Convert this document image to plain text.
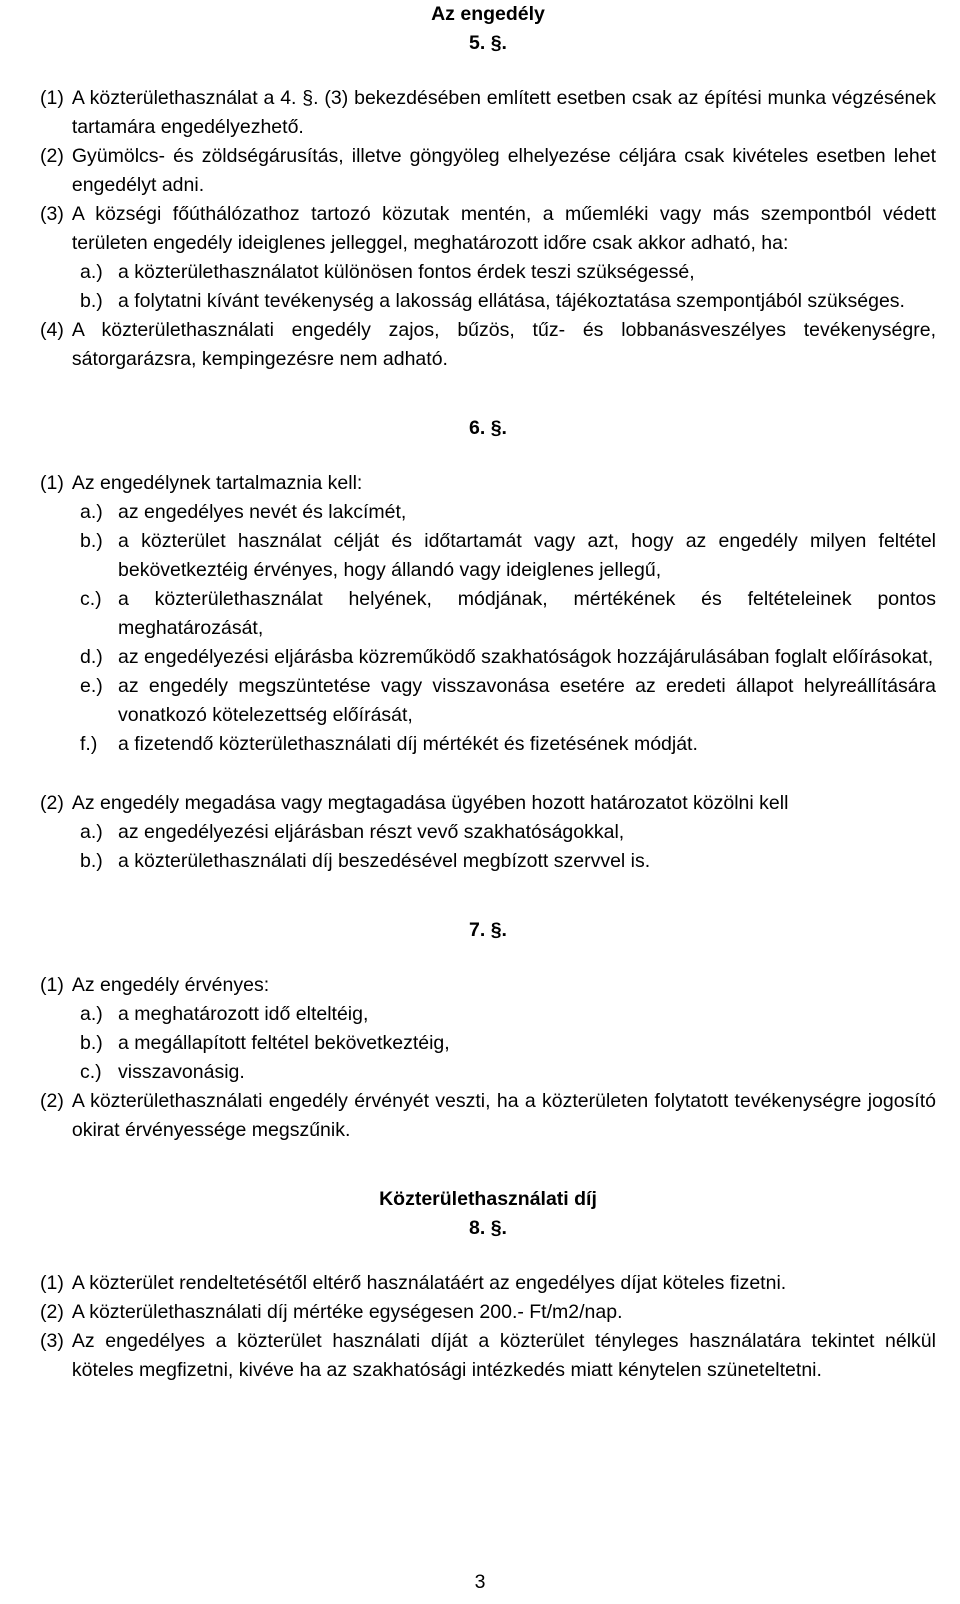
Az engedély
5. §.
(1) A közterülethasználat a 4. §. (3) bekezdésében említett esetben csak az építési munka végzésének tartamára engedélyezhető.
(2) Gyümölcs- és zöldségárusítás, illetve göngyöleg elhelyezése céljára csak kivételes esetben lehet engedélyt adni.
(3) A községi főúthálózathoz tartozó közutak mentén, a műemléki vagy más szempontból védett területen engedély ideiglenes jelleggel, meghatározott időre csak akkor adható, ha:
a.) a közterülethasználatot különösen fontos érdek teszi szükségessé,
b.) a folytatni kívánt tevékenység a lakosság ellátása, tájékoztatása szempontjából szükséges.
(4) A közterülethasználati engedély zajos, bűzös, tűz- és lobbanásveszélyes tevékenységre, sátorgarázsra, kempingezésre nem adható.
6. §.
(1) Az engedélynek tartalmaznia kell:
a.) az engedélyes nevét és lakcímét,
b.) a közterület használat célját és időtartamát vagy azt, hogy az engedély milyen feltétel bekövetkeztéig érvényes, hogy állandó vagy ideiglenes jellegű,
c.) a közterülethasználat helyének, módjának, mértékének és feltételeinek pontos meghatározását,
d.) az engedélyezési eljárásba közreműködő szakhatóságok hozzájárulásában foglalt előírásokat,
e.) az engedély megszüntetése vagy visszavonása esetére az eredeti állapot helyreállítására vonatkozó kötelezettség előírását,
f.)	a fizetendő közterülethasználati díj mértékét és fizetésének módját.
(2) Az engedély megadása vagy megtagadása ügyében hozott határozatot közölni kell
a.) az engedélyezési eljárásban részt vevő szakhatóságokkal,
b.) a közterülethasználati díj beszedésével megbízott szervvel is.
7. §.
(1) Az engedély érvényes:
a.) a meghatározott idő elteltéig,
b.) a megállapított feltétel bekövetkeztéig,
c.) visszavonásig.
(2) A közterülethasználati engedély érvényét veszti, ha a közterületen folytatott tevékenységre jogosító okirat érvényessége megszűnik.
Közterülethasználati díj
8. §.
(1) A közterület rendeltetésétől eltérő használatáért az engedélyes díjat köteles fizetni.
(2) A közterülethasználati díj mértéke egységesen 200.- Ft/m2/nap.
(3) Az engedélyes a közterület használati díját a közterület tényleges használatára tekintet nélkül köteles megfizetni, kivéve ha az szakhatósági intézkedés miatt kénytelen szüneteltetni.
3
